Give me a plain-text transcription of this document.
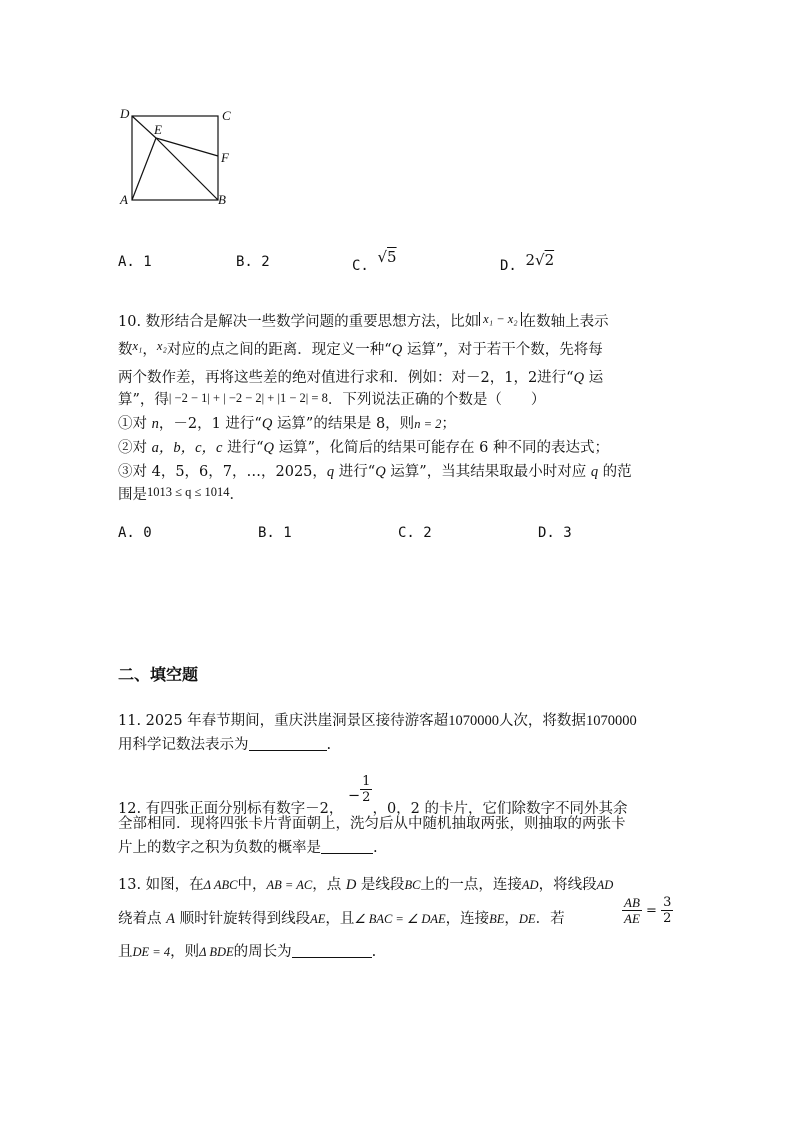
D	C
E
F
A	B
A. 1	B. 2	C. √5	D. 2√2
10. 数形结合是解决一些数学问题的重要思想方法，比如 x₁ − x₂ 在数轴上表示
数x₁，x₂对应的点之间的距离．现定义一种“Q 运算”，对于若干个数，先将每
两个数作差，再将这些差的绝对值进行求和．例如：对－2，1，2进行“Q 运
算”，得| −2 − 1| + | −2 − 2| + |1 − 2| = 8．下列说法正确的个数是（　　）
①对 n，－2，1 进行“Q 运算”的结果是 8，则n = 2；
②对 a，b，c，c 进行“Q 运算”，化简后的结果可能存在 6 种不同的表达式；
③对 4，5，6，7，…，2025，q 进行“Q 运算”，当其结果取最小时对应 q 的范
围是1013 ≤ q ≤ 1014．
A. 0	B. 1	C. 2	D. 3
二、填空题
11. 2025 年春节期间，重庆洪崖洞景区接待游客超1070000人次，将数据1070000
用科学记数法表示为	.
12. 有四张正面分别标有数字－2， − $\frac{1}{2}$
，0，2 的卡片，它们除数字不同外其余
全部相同．现将四张卡片背面朝上，洗匀后从中随机抽取两张，则抽取的两张卡
片上的数字之积为负数的概率是	.
13. 如图，在Δ ABC中，AB = AC，点 D 是线段BC上的一点，连接AD，将线段AD
绕着点 A 顺时针旋转得到线段AE，且∠ BAC = ∠ DAE，连接BE，DE．若	$\frac{AB}{AE} = \frac{3}{2}$
且DE = 4，则Δ BDE的周长为	.
